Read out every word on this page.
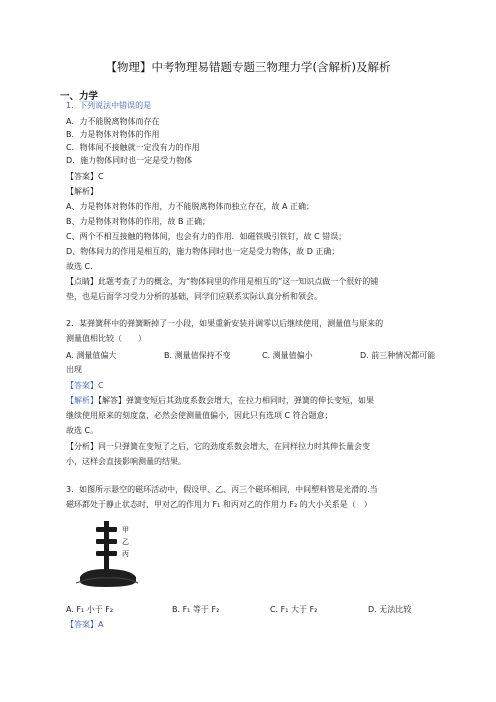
【物理】中考物理易错题专题三物理力学(含解析)及解析
一、力学
1．下列说法中错误的是
A．力不能脱离物体而存在
B．力是物体对物体的作用
C．物体间不接触就一定没有力的作用
D．施力物体同时也一定是受力物体
【答案】C
【解析】
A、力是物体对物体的作用，力不能脱离物体而独立存在，故 A 正确；
B、力是物体对物体的作用，故 B 正确；
C、两个不相互接触的物体间，也会有力的作用．如磁铁吸引铁钉，故 C 错误；
D、物体间力的作用是相互的，施力物体同时也一定是受力物体，故 D 正确；
故选 C．
【点睛】此题考查了力的概念，为“物体间里的作用是相互的”这一知识点做一个很好的铺
垫，也是后面学习受力分析的基础，同学们应联系实际认真分析和领会。
2．某弹簧秤中的弹簧断掉了一小段，如果重新安装并调零以后继续使用，测量值与原来的
测量值相比较（　　）
A. 测量值偏大	B. 测量值保持不变	C. 测量值偏小	D. 前三种情况都可能
出现
【答案】C
【解析】【解答】弹簧变短后其劲度系数会增大，在拉力相同时，弹簧的伸长变短，如果
继续使用原来的刻度盘，必然会使测量值偏小，因此只有选项 C 符合题意；
故选 C。
【分析】同一只弹簧在变短了之后，它的劲度系数会增大，在同样拉力时其伸长量会变
小，这样会直接影响测量的结果。
3．如图所示悬空的磁环活动中，假设甲、乙、丙三个磁环相同，中间塑料管是光滑的.当
磁环都处于静止状态时，甲对乙的作用力 F₁ 和丙对乙的作用力 F₂ 的大小关系是（　）
甲
乙
丙
A. F₁ 小于 F₂	B. F₁ 等于 F₂	C. F₁ 大于 F₂	D. 无法比较
【答案】A
